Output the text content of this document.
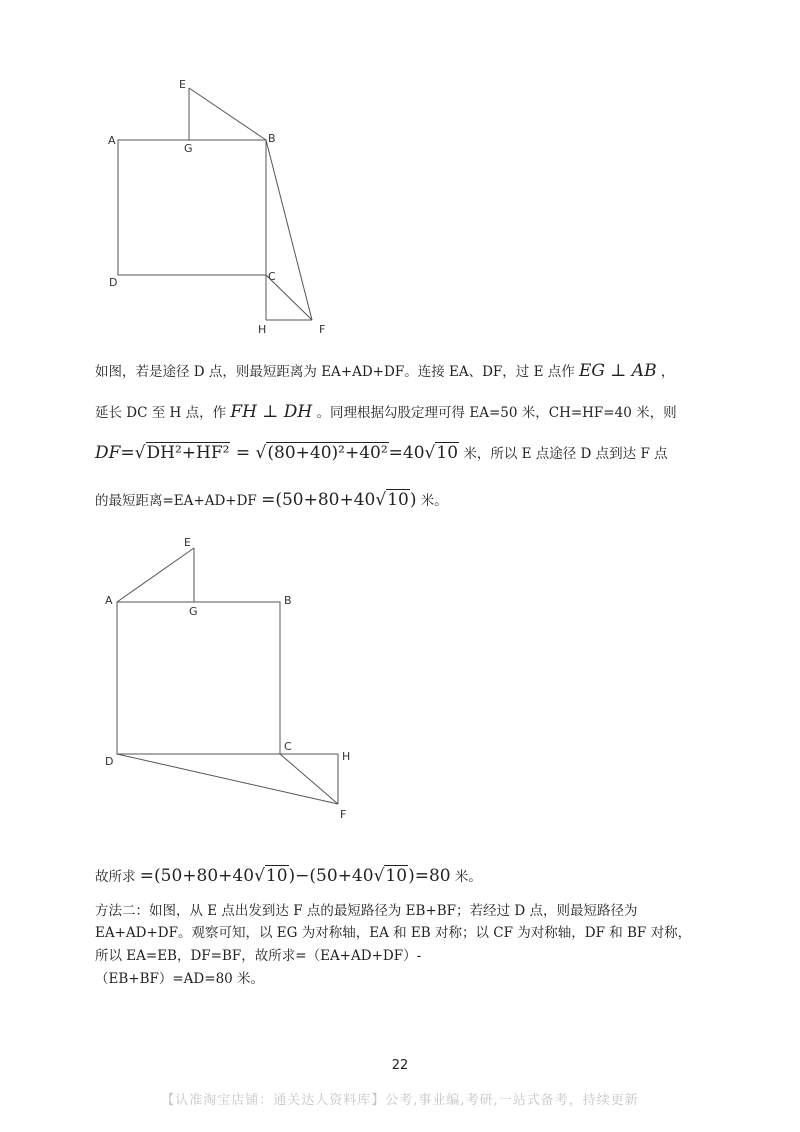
E
A
G
B
D	C
H	F
如图，若是途径 D 点，则最短距离为 EA+AD+DF。连接 EA、DF，过 E 点作 EG ⊥ AB ，
延长 DC 至 H 点，作 FH ⊥ DH 。同理根据勾股定理可得 EA=50 米，CH=HF=40 米，则
DF=√DH²+HF² = √(80+40)²+40²=40√10 米，所以 E 点途径 D 点到达 F 点
的最短距离=EA+AD+DF =(50+80+40√10) 米。
E
A
G
B
D
C
H
F
故所求 =(50+80+40√10)−(50+40√10)=80 米。
方法二：如图，从 E 点出发到达 F 点的最短路径为 EB+BF；若经过 D 点，则最短路径为
EA+AD+DF。观察可知，以 EG 为对称轴，EA 和 EB 对称；以 CF 为对称轴，DF 和 BF 对称，
所以 EA=EB，DF=BF，故所求=（EA+AD+DF）-
（EB+BF）=AD=80 米。
22
【认准淘宝店铺：通关达人资料库】公考,事业编,考研,一站式备考，持续更新
